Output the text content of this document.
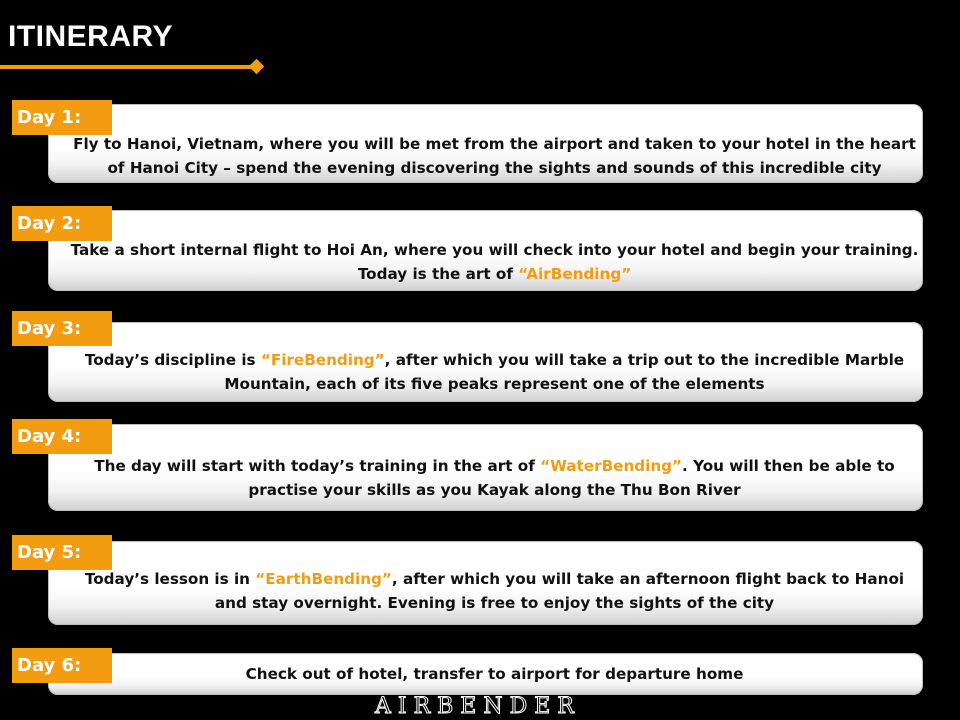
ITINERARY
Fly to Hanoi, Vietnam, where you will be met from the airport and taken to your hotel in the heart of Hanoi City – spend the evening discovering the sights and sounds of this incredible city
Day 1:
Take a short internal flight to Hoi An, where you will check into your hotel and begin your training. Today is the art of “AirBending”
Day 2:
Today’s discipline is “FireBending”, after which you will take a trip out to the incredible Marble Mountain, each of its five peaks represent one of the elements
Day 3:
The day will start with today’s training in the art of “WaterBending”. You will then be able to practise your skills as you Kayak along the Thu Bon River
Day 4:
Today’s lesson is in “EarthBending”, after which you will take an afternoon flight back to Hanoi and stay overnight. Evening is free to enjoy the sights of the city
Day 5:
Check out of hotel, transfer to airport for departure home
Day 6:
AIRBENDER
